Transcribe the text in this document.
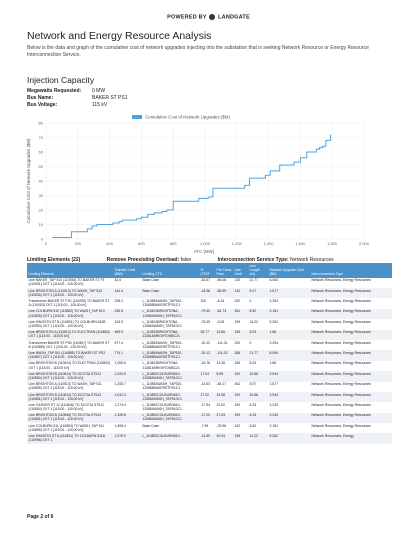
POWERED BY LANDGATE
Network and Energy Resource Analysis
Below is the data and graph of the cumulative cost of network upgrades injecting into the substation that is seeking Network Resource or Energy Resource Interconnection Service.
Injection Capacity
Megawatts Requested: 0 MW
Bus Name:	BAKER ST PS1
Bus Voltage:	115 kV
0	200	400	600	800	1,000	1,200	1,400	1,600	1,800	2,000
0
10
20
30
40
50
60
70
80
Cumulative Cost of Network Upgrades ($M)
ATC (MW)
Cumulative Cost of Network Upgrades ($M)
Limiting Elements (22)	Remove Preexisting Overload: false	Interconnection Service Type: Network Resources
Limiting Element	Transfer Limit (MW)	Limiting CTG	% OTDF	Pre-Trans Flow	Line Limit	Line Length (mi)	Network Upgrade Cost ($M)	Interconnection Type
Line BAKER_TAP 510 (110054) TO BAKER ST P1 (110051) CKT 1 [115.00 - 115.00 kV]	32.6	Base Case	-82.67	-56.08	115	21.77	8.054	Network Resources, Energy Resources
Line BRIGHTON A (110513) TO WASH_TAP 510 (110835) CKT 1 [115.00 - 115.00 kV]	144.4	Base Case	-18.36	-56.99	142	5.07	1.677	Network Resources, Energy Resources
Transformer BAKER ST PS1 (110055) TO BAKER ST A (110053) CKT 1 [115.00 - 115.00 kV]	228.2	L_110854WASH_TAP510-110858BAKERSTPS1C1	100	-8.16	220	0	2.294	Network Resources, Energy Resources
Line COLBURN 510 (110852) TO WASH_TAP 510 (110835) CKT 1 [115.00 - 115.00 kV]	236.5	L_110813BRIGHTONA-110854WASH_TAP510C1	-79.40	-81.73	261	8.52	2.151	Network Resources, Energy Resources
Line KINGSTN ST B (110831) TO COLBURN 510B (110993) CKT 1 [115.00 - 115.00 kV]	243.5	L_110813BRIGHTONA-110854WASH_TAP510C1	-78.49	-3.05	195	14.22	5.262	Network Resources, Energy Resources
Line BRIGHTON A (110513) TO ELECTRAN (110853) CKT 1 [115.00 - 115.00 kV]	469.9	L_110813BRIGHTONA-110814BRIGHTONBC21	28.77	14.86	155	5.03	1.86	Network Resources, Energy Resources
Transformer BAKER ST PS2 (110857) TO BAKER ST B (110889) CKT 1 [115.00 - 115.00 kV]	577.4	L_110854WASH_TAP510-110858BAKERSTPS1C1	-20.12	-111.01	220	0	2.294	Network Resources, Energy Resources
Line WASH_TAP 511 (110855) TO BAKER ST PS2 (110857) CKT 1 [115.00 - 115.00 kV]	774.1	L_110854WASH_TAP510-110858BAKERSTPS1C1	-20.12	-111.02	268	21.77	8.054	Network Resources, Energy Resources
Line BRIGHTON B (110814) TO ELECTRAN (110853) CKT 1 [115.00 - 115.00 kV]	1,008.6	L_110813BRIGHTONA-110814BRIGHTONBC21	-16.76	14.36	155	5.03	1.86	Network Resources, Energy Resources
Line BRIGHTON B (110814) TO SCOTIA ST512 (110850) CKT 1 [115.00 - 115.00 kV]	1,023.9	L_110852COLBURN510-110854WASH_TAP510C1	17.54	8.59	190	10.66	2.944	Network Resources, Energy Resources
Line BRIGHTON A (110513) TO WASH_TAP 511 (110855) CKT 1 [115.00 - 115.00 kV]	1,208.7	L_110854WASH_TAP510-110858BAKERSTPS1C1	-14.63	-84.17	261	5.07	1.677	Network Resources, Energy Resources
Line BRIGHTON B (110814) TO SCOTIA ST512 (110851) CKT 1 [115.00 - 115.00 kV]	1,042.3	L_110852COLBURN510-110854WASH_TAP510C1	17.02	12.58	190	10.66	2.944	Network Resources, Energy Resources
Line CARVER ST 12 (110846) TO SCOTIA ST512 (110850) CKT 1 [115.00 - 115.00 kV]	1,274.4	L_110852COLBURN510-110854WASH_TAP510C1	-17.54	22.52	190	6.33	2.243	Network Resources, Energy Resources
Line BRIGHTON B (110846) TO SCOTIA ST512 (110851) CKT 1 [115.00 - 115.00 kV]	1,326.8	L_110852COLBURN510-110854WASH_TAP510C1	-17.02	27.63	190	6.33	2.243	Network Resources, Energy Resources
Line COLBURN 511 (110853) TO WASH_TAP 511 (110855) CKT 1 [115.00 - 115.00 kV]	1,408.4	Base Case	-7.95	-29.98	142	8.52	2.151	Network Resources, Energy Resources
Line KINGSTN ST A (110831) TO COLBURN 511B (110996) CKT 1	1,579.0	L_110852COLBURN510-	-14.89	40.04	195	14.22	5.262	Network Resources, Energy
Page 2 of 6
